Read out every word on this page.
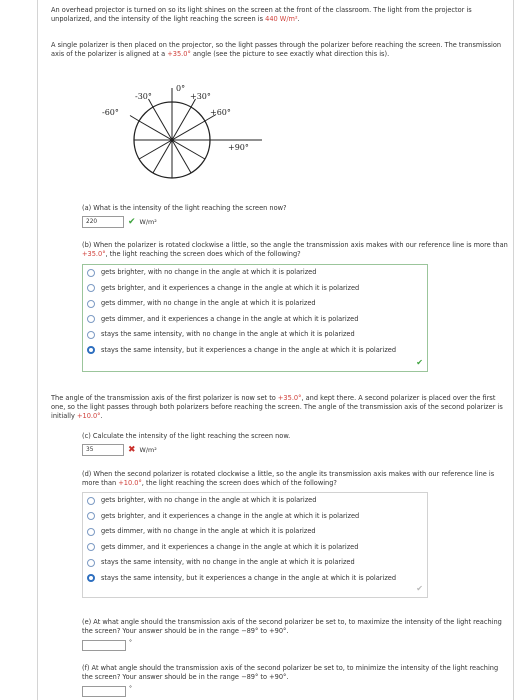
An overhead projector is turned on so its light shines on the screen at the front of the classroom. The light from the projector is unpolarized, and the intensity of the light reaching the screen is 440 W/m².
A single polarizer is then placed on the projector, so the light passes through the polarizer before reaching the screen. The transmission axis of the polarizer is aligned at a +35.0° angle (see the picture to see exactly what direction this is).
0°
-30°	+30°
-60°	+60°
+90°
(a) What is the intensity of the light reaching the screen now?
220	✔ W/m²
(b) When the polarizer is rotated clockwise a little, so the angle the transmission axis makes with our reference line is more than +35.0°, the light reaching the screen does which of the following?
gets brighter, with no change in the angle at which it is polarized
gets brighter, and it experiences a change in the angle at which it is polarized
gets dimmer, with no change in the angle at which it is polarized
gets dimmer, and it experiences a change in the angle at which it is polarized
stays the same intensity, with no change in the angle at which it is polarized
stays the same intensity, but it experiences a change in the angle at which it is polarized
✔
The angle of the transmission axis of the first polarizer is now set to +35.0°, and kept there. A second polarizer is placed over the first one, so the light passes through both polarizers before reaching the screen. The angle of the transmission axis of the second polarizer is initially +10.0°.
(c) Calculate the intensity of the light reaching the screen now.
35	✖ W/m²
(d) When the second polarizer is rotated clockwise a little, so the angle its transmission axis makes with our reference line is more than +10.0°, the light reaching the screen does which of the following?
gets brighter, with no change in the angle at which it is polarized
gets brighter, and it experiences a change in the angle at which it is polarized
gets dimmer, with no change in the angle at which it is polarized
gets dimmer, and it experiences a change in the angle at which it is polarized
stays the same intensity, with no change in the angle at which it is polarized
stays the same intensity, but it experiences a change in the angle at which it is polarized
✔
(e) At what angle should the transmission axis of the second polarizer be set to, to maximize the intensity of the light reaching the screen? Your answer should be in the range −89° to +90°.
°
(f) At what angle should the transmission axis of the second polarizer be set to, to minimize the intensity of the light reaching the screen? Your answer should be in the range −89° to +90°.
°
